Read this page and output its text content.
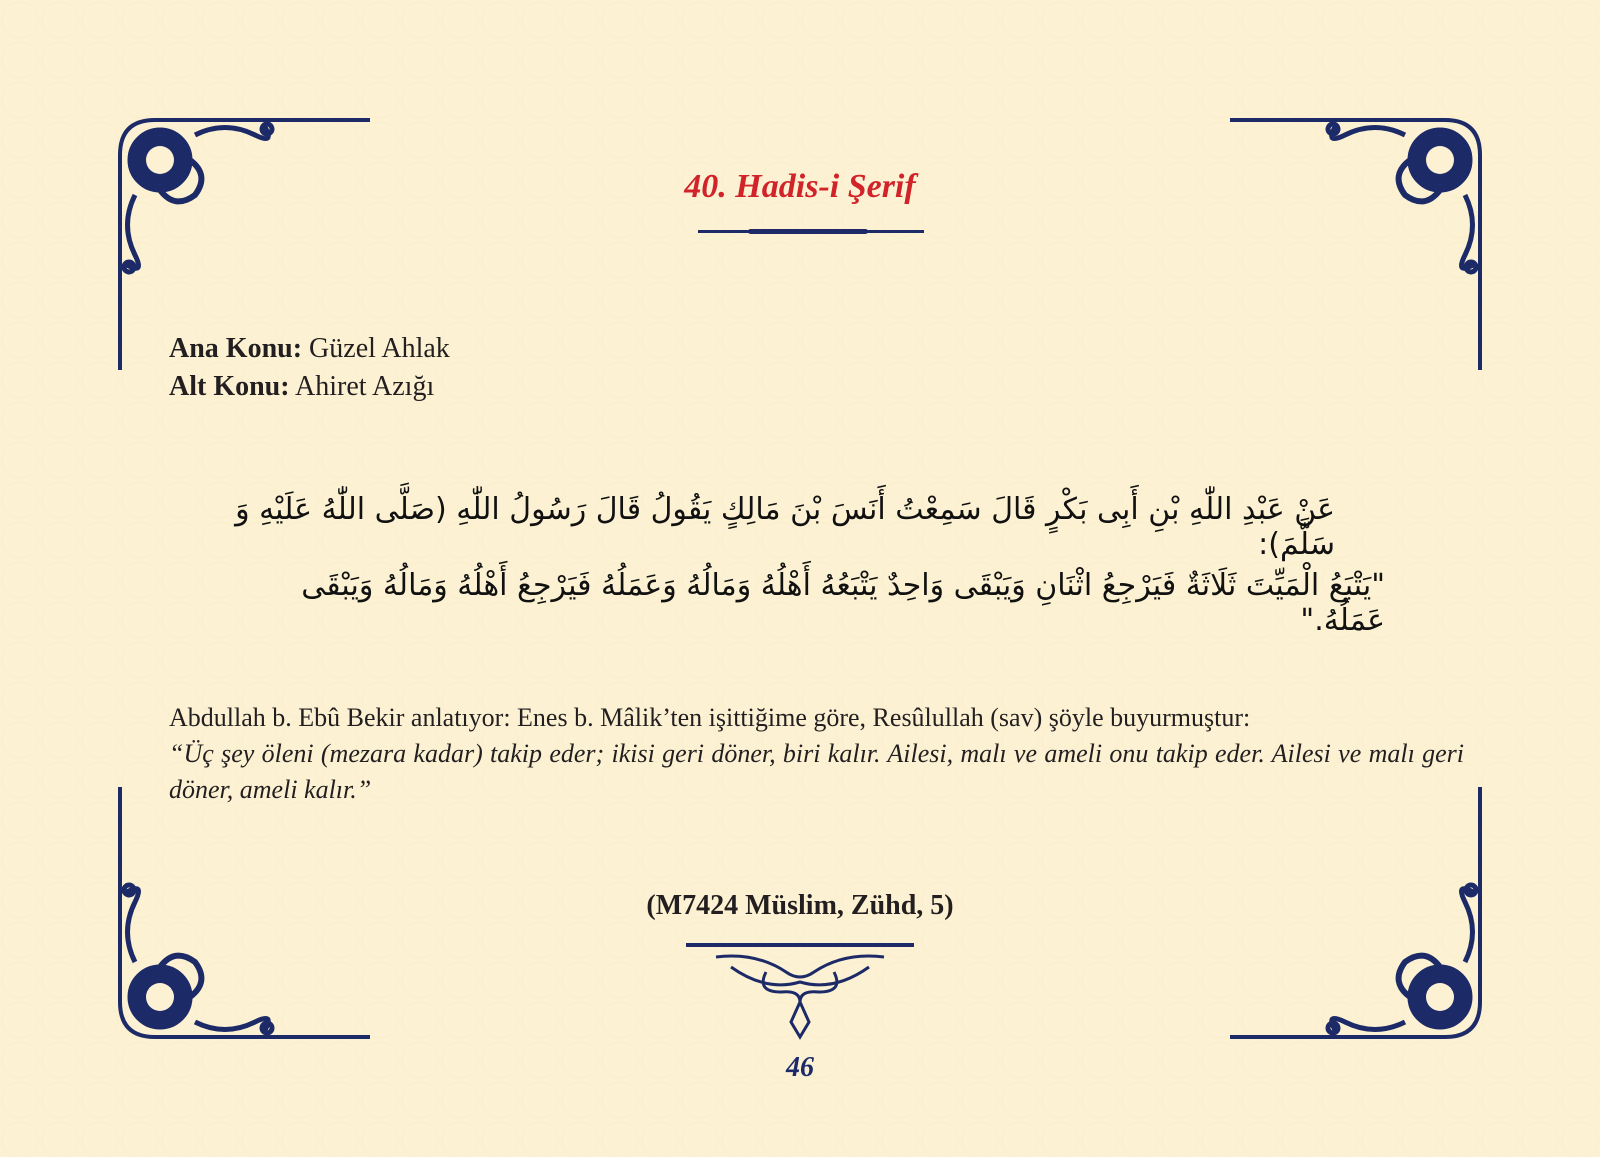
40. Hadis-i Şerif
Ana Konu: Güzel Ahlak
Alt Konu: Ahiret Azığı
عَنْ عَبْدِ اللّٰهِ بْنِ أَبِى بَكْرٍ قَالَ سَمِعْتُ أَنَسَ بْنَ مَالِكٍ يَقُولُ قَالَ رَسُولُ اللّٰهِ (صَلَّى اللّٰهُ عَلَيْهِ وَ سَلَّمَ):
"يَتْبَعُ الْمَيِّتَ ثَلَاثَةٌ فَيَرْجِعُ اثْنَانِ وَيَبْقَى وَاحِدٌ يَتْبَعُهُ أَهْلُهُ وَمَالُهُ وَعَمَلُهُ فَيَرْجِعُ أَهْلُهُ وَمَالُهُ وَيَبْقَى عَمَلُهُ."
Abdullah b. Ebû Bekir anlatıyor: Enes b. Mâlik’ten işittiğime göre, Resûlullah (sav) şöyle buyurmuştur:
“Üç şey öleni (mezara kadar) takip eder; ikisi geri döner, biri kalır. Ailesi, malı ve ameli onu takip eder. Ailesi ve malı geri döner, ameli kalır.”
(M7424 Müslim, Zühd, 5)
46
